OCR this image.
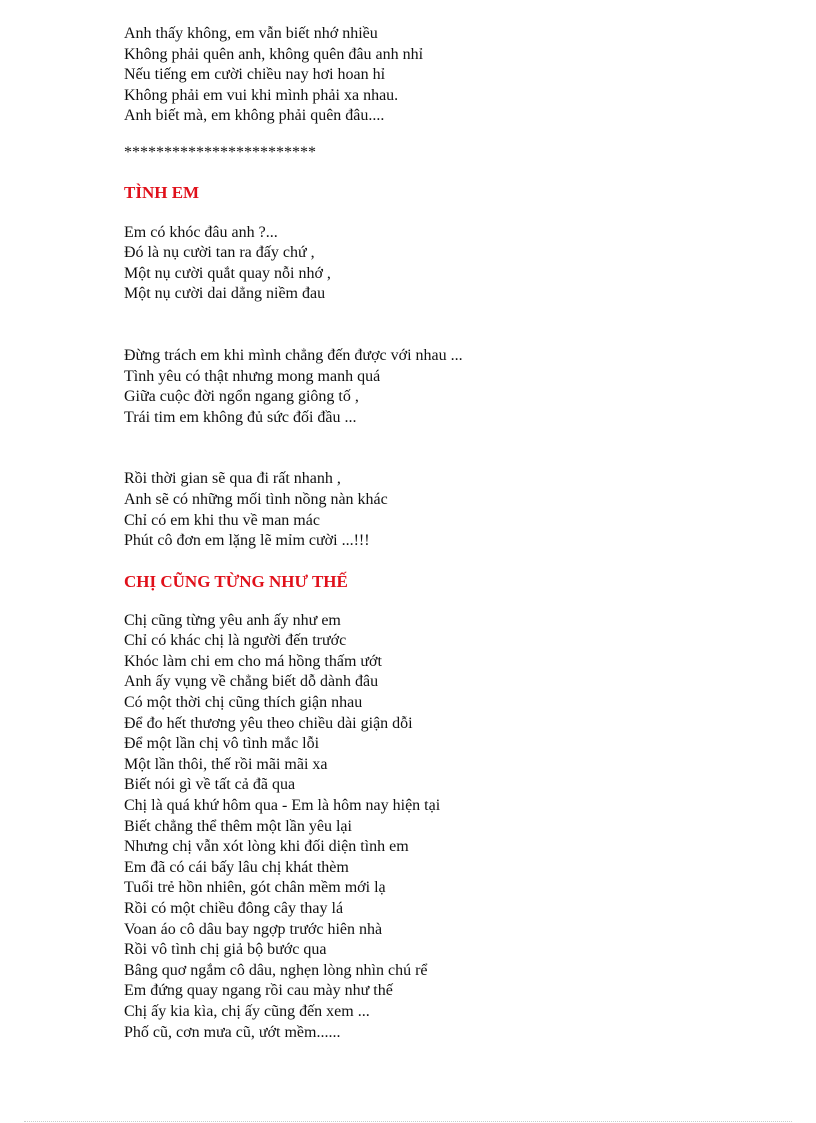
Anh thấy không, em vẫn biết nhớ nhiều
Không phải quên anh, không quên đâu anh nhỉ
Nếu tiếng em cười chiều nay hơi hoan hỉ
Không phải em vui khi mình phải xa nhau.
Anh biết mà, em không phải quên đâu....
************************
TÌNH EM
Em có khóc đâu anh ?...
Đó là nụ cười tan ra đấy chứ ,
Một nụ cười quắt quay nỗi nhớ ,
Một nụ cười dai dẳng niềm đau
Đừng trách em khi mình chẳng đến được với nhau ...
Tình yêu có thật nhưng mong manh quá
Giữa cuộc đời ngổn ngang giông tố ,
Trái tim em không đủ sức đối đầu ...
Rồi thời gian sẽ qua đi rất nhanh ,
Anh sẽ có những mối tình nồng nàn khác
Chỉ có em khi thu về man mác
Phút cô đơn em lặng lẽ mỉm cười ...!!!
CHỊ CŨNG TỪNG NHƯ THẾ
Chị cũng từng yêu anh ấy như em
Chỉ có khác chị là người đến trước
Khóc làm chi em cho má hồng thấm ướt
Anh ấy vụng về chẳng biết dỗ dành đâu
Có một thời chị cũng thích giận nhau
Để đo hết thương yêu theo chiều dài giận dỗi
Để một lần chị vô tình mắc lỗi
Một lần thôi, thế rồi mãi mãi xa
Biết nói gì về tất cả đã qua
Chị là quá khứ hôm qua - Em là hôm nay hiện tại
Biết chẳng thể thêm một lần yêu lại
Nhưng chị vẫn xót lòng khi đối diện tình em
Em đã có cái bấy lâu chị khát thèm
Tuổi trẻ hồn nhiên, gót chân mềm mới lạ
Rồi có một chiều đông cây thay lá
Voan áo cô dâu bay ngợp trước hiên nhà
Rồi vô tình chị giả bộ bước qua
Bâng quơ ngắm cô dâu, nghẹn lòng nhìn chú rể
Em đứng quay ngang rồi cau mày như thế
Chị ấy kia kìa, chị ấy cũng đến xem ...
Phố cũ, cơn mưa cũ, ướt mềm......
